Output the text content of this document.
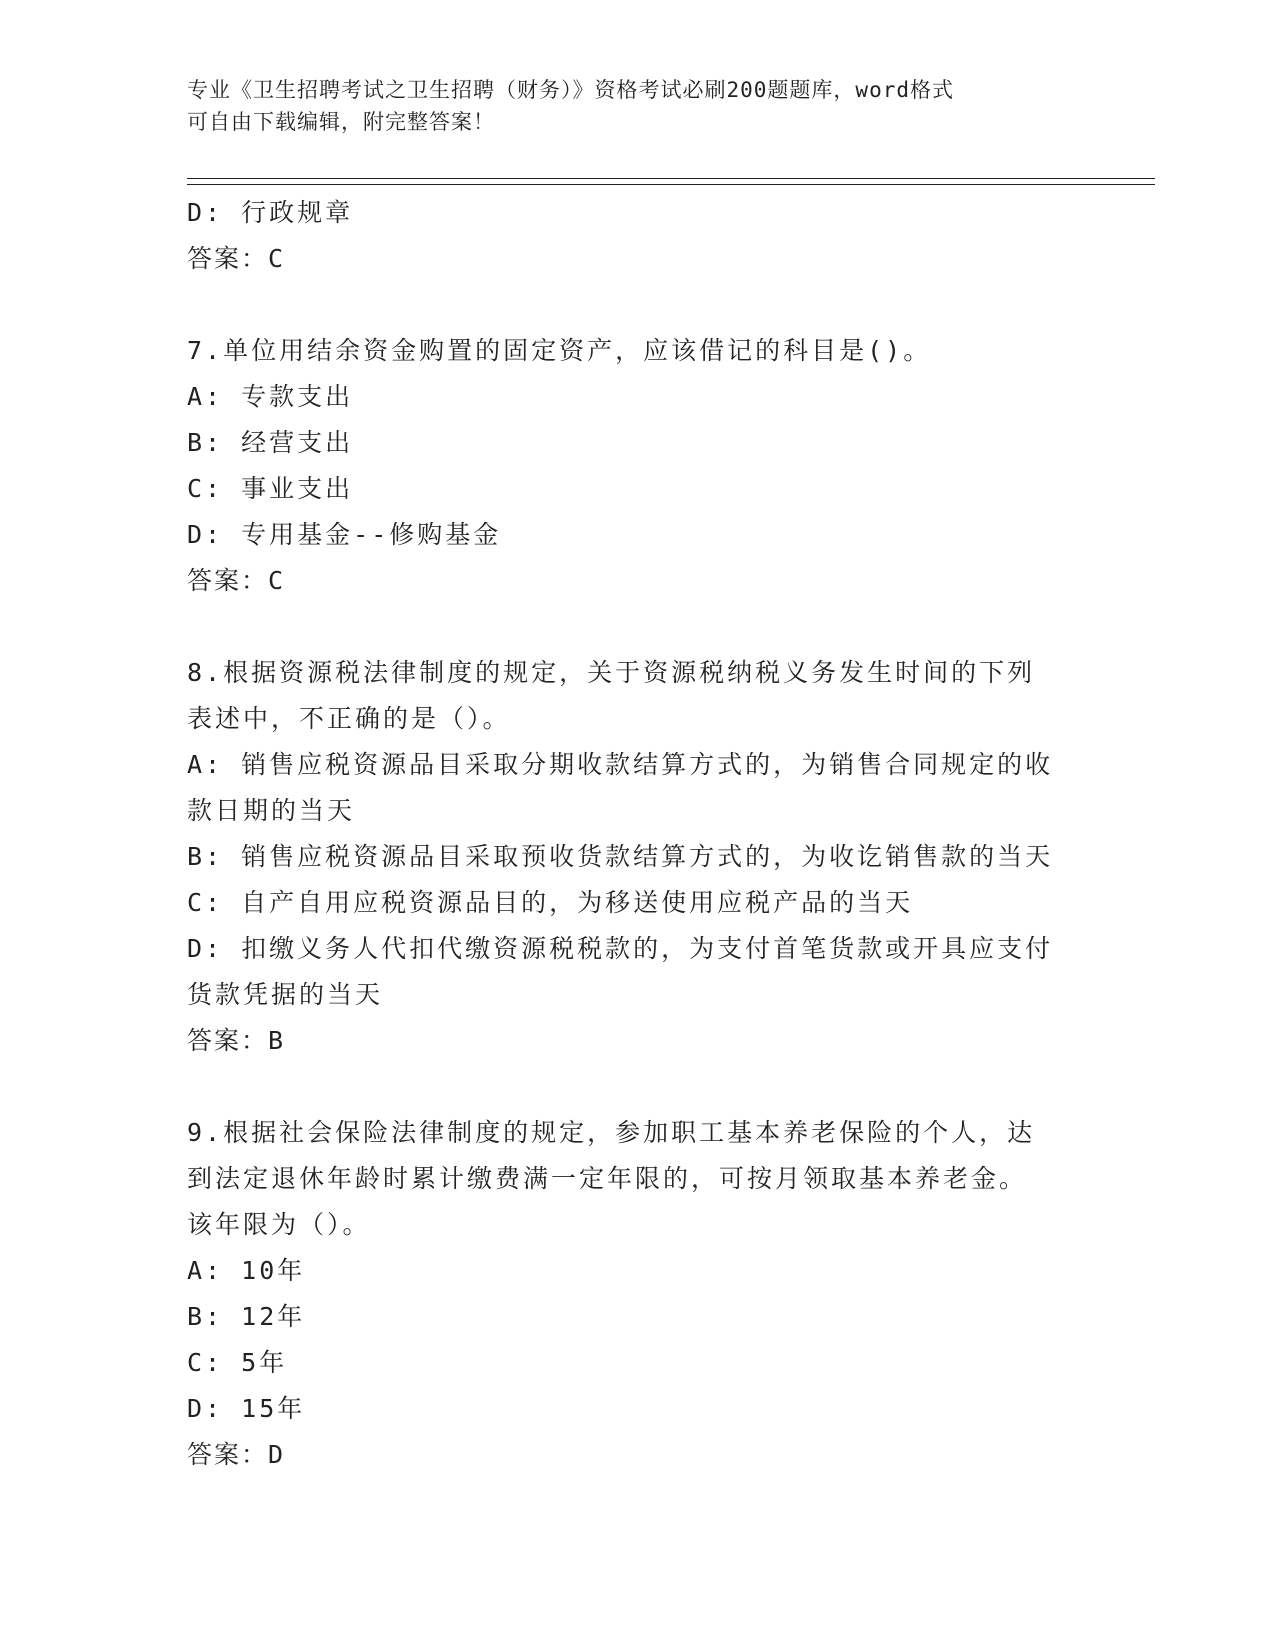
专业《卫生招聘考试之卫生招聘（财务）》资格考试必刷200题题库，word格式
可自由下载编辑，附完整答案！
D: 行政规章
答案：C
7.单位用结余资金购置的固定资产，应该借记的科目是()。
A: 专款支出
B: 经营支出
C: 事业支出
D: 专用基金--修购基金
答案：C
8.根据资源税法律制度的规定，关于资源税纳税义务发生时间的下列
表述中，不正确的是（）。
A: 销售应税资源品目采取分期收款结算方式的，为销售合同规定的收
款日期的当天
B: 销售应税资源品目采取预收货款结算方式的，为收讫销售款的当天
C: 自产自用应税资源品目的，为移送使用应税产品的当天
D: 扣缴义务人代扣代缴资源税税款的，为支付首笔货款或开具应支付
货款凭据的当天
答案：B
9.根据社会保险法律制度的规定，参加职工基本养老保险的个人，达
到法定退休年龄时累计缴费满一定年限的，可按月领取基本养老金。
该年限为（）。
A: 10年
B: 12年
C: 5年
D: 15年
答案：D
